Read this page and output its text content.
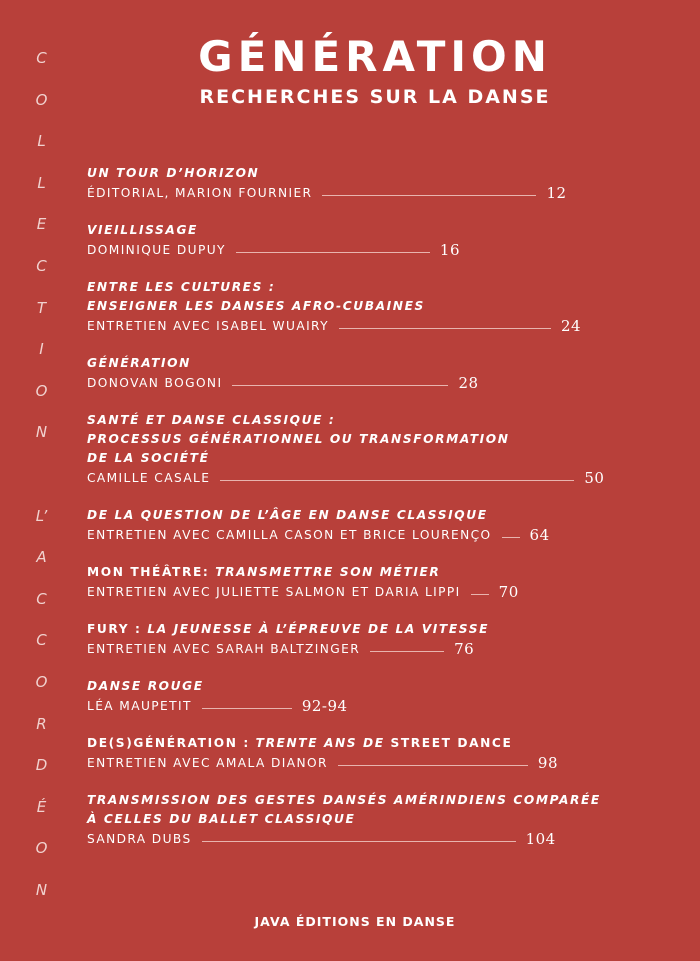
C
O
L
L
E
C
T
I
O
N
L’
A
C
C
O
R
D
É
O
N
GÉNÉRATION
RECHERCHES SUR LA DANSE
UN TOUR D’HORIZON
ÉDITORIAL, MARION FOURNIER	12
VIEILLISSAGE
DOMINIQUE DUPUY	16
ENTRE LES CULTURES :
ENSEIGNER LES DANSES AFRO-CUBAINES
ENTRETIEN AVEC ISABEL WUAIRY	24
GÉNÉRATION
DONOVAN BOGONI	28
SANTÉ ET DANSE CLASSIQUE :
PROCESSUS GÉNÉRATIONNEL OU TRANSFORMATION
DE LA SOCIÉTÉ
CAMILLE CASALE	50
DE LA QUESTION DE L’ÂGE EN DANSE CLASSIQUE
ENTRETIEN AVEC CAMILLA CASON ET BRICE LOURENÇO	64
MON THÉÂTRE: TRANSMETTRE SON MÉTIER
ENTRETIEN AVEC JULIETTE SALMON ET DARIA LIPPI	70
FURY : LA JEUNESSE À L’ÉPREUVE DE LA VITESSE
ENTRETIEN AVEC SARAH BALTZINGER	76
DANSE ROUGE
LÉA MAUPETIT	92-94
DE(S)GÉNÉRATION : TRENTE ANS DE STREET DANCE
ENTRETIEN AVEC AMALA DIANOR	98
TRANSMISSION DES GESTES DANSÉS AMÉRINDIENS COMPARÉE
À CELLES DU BALLET CLASSIQUE
SANDRA DUBS	104
JAVA ÉDITIONS EN DANSE
